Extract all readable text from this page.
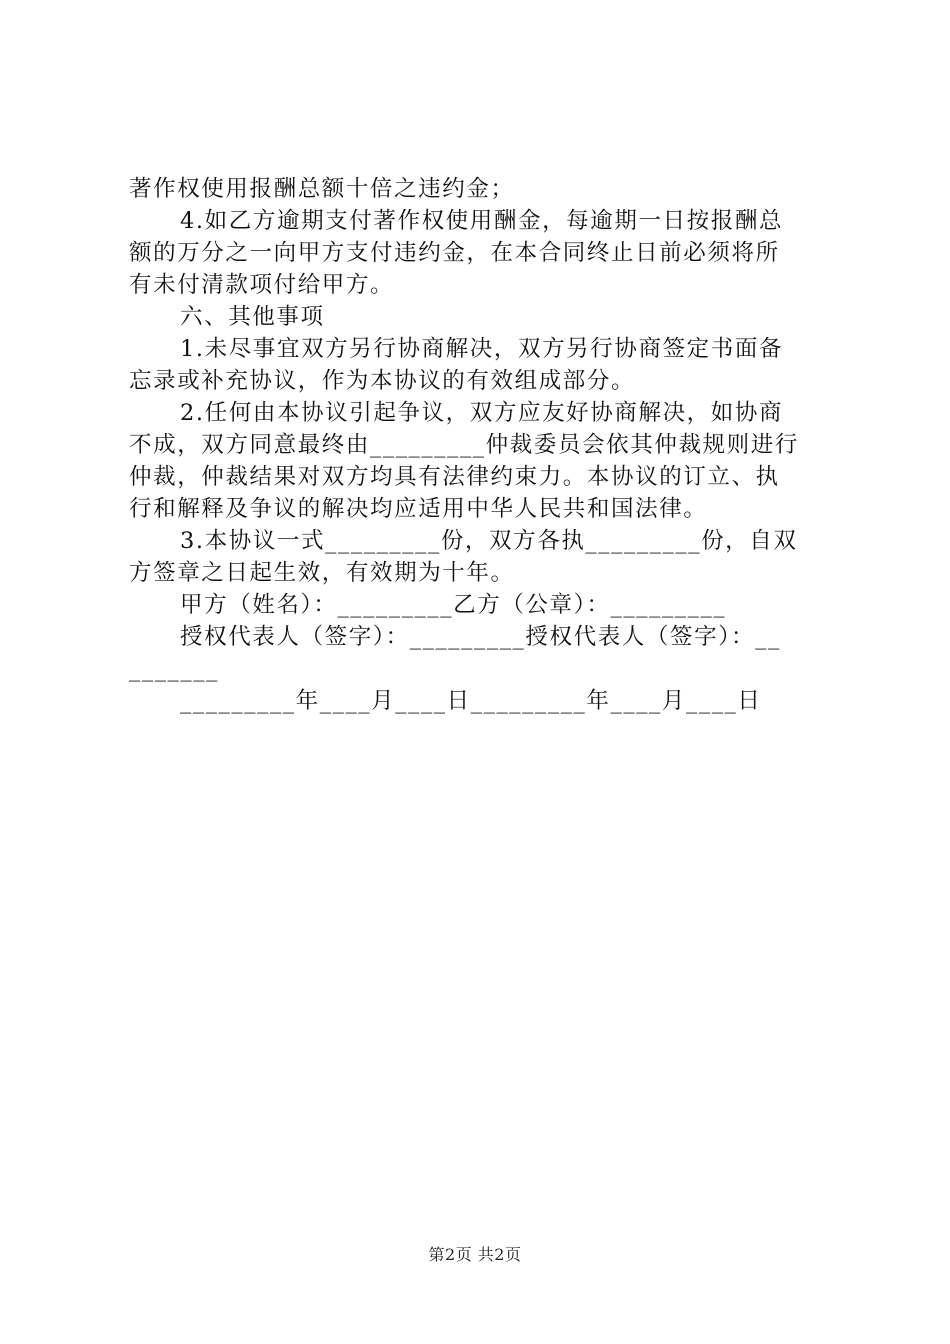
著作权使用报酬总额十倍之违约金；
4.如乙方逾期支付著作权使用酬金，每逾期一日按报酬总
额的万分之一向甲方支付违约金，在本合同终止日前必须将所
有未付清款项付给甲方。
六、其他事项
1.未尽事宜双方另行协商解决，双方另行协商签定书面备
忘录或补充协议，作为本协议的有效组成部分。
2.任何由本协议引起争议，双方应友好协商解决，如协商
不成，双方同意最终由_________仲裁委员会依其仲裁规则进行
仲裁，仲裁结果对双方均具有法律约束力。本协议的订立、执
行和解释及争议的解决均应适用中华人民共和国法律。
3.本协议一式_________份，双方各执_________份，自双
方签章之日起生效，有效期为十年。
甲方（姓名）：_________乙方（公章）：_________
授权代表人（签字）：_________授权代表人（签字）：__
_______
_________年____月____日_________年____月____日
第2页 共2页
